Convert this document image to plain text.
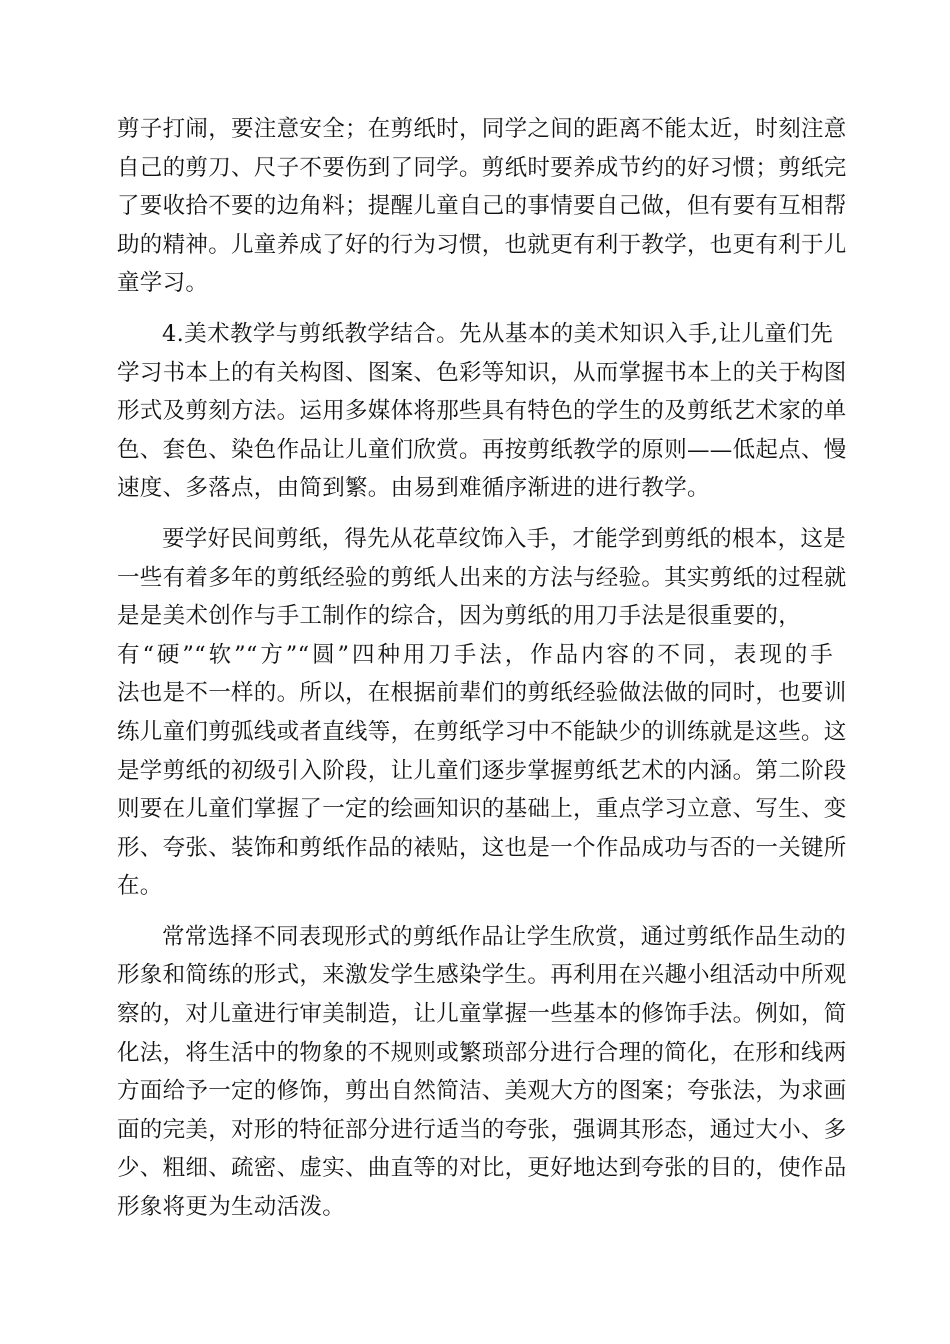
剪子打闹，要注意安全；在剪纸时，同学之间的距离不能太近，时刻注意
自己的剪刀、尺子不要伤到了同学。剪纸时要养成节约的好习惯；剪纸完
了要收拾不要的边角料；提醒儿童自己的事情要自己做，但有要有互相帮
助的精神。儿童养成了好的行为习惯，也就更有利于教学，也更有利于儿
童学习。

4.美术教学与剪纸教学结合。先从基本的美术知识入手,让儿童们先
学习书本上的有关构图、图案、色彩等知识，从而掌握书本上的关于构图
形式及剪刻方法。运用多媒体将那些具有特色的学生的及剪纸艺术家的单
色、套色、染色作品让儿童们欣赏。再按剪纸教学的原则——低起点、慢
速度、多落点，由简到繁。由易到难循序渐进的进行教学。

要学好民间剪纸，得先从花草纹饰入手，才能学到剪纸的根本，这是
一些有着多年的剪纸经验的剪纸人出来的方法与经验。其实剪纸的过程就
是是美术创作与手工制作的综合，因为剪纸的用刀手法是很重要的，
有“硬”“软”“方”“圆”四种用刀手法，作品内容的不同，表现的手
法也是不一样的。所以，在根据前辈们的剪纸经验做法做的同时，也要训
练儿童们剪弧线或者直线等，在剪纸学习中不能缺少的训练就是这些。这
是学剪纸的初级引入阶段，让儿童们逐步掌握剪纸艺术的内涵。第二阶段
则要在儿童们掌握了一定的绘画知识的基础上，重点学习立意、写生、变
形、夸张、装饰和剪纸作品的裱贴，这也是一个作品成功与否的一关键所
在。

常常选择不同表现形式的剪纸作品让学生欣赏，通过剪纸作品生动的
形象和简练的形式，来激发学生感染学生。再利用在兴趣小组活动中所观
察的，对儿童进行审美制造，让儿童掌握一些基本的修饰手法。例如，简
化法，将生活中的物象的不规则或繁琐部分进行合理的简化，在形和线两
方面给予一定的修饰，剪出自然简洁、美观大方的图案；夸张法，为求画
面的完美，对形的特征部分进行适当的夸张，强调其形态，通过大小、多
少、粗细、疏密、虚实、曲直等的对比，更好地达到夸张的目的，使作品
形象将更为生动活泼。
